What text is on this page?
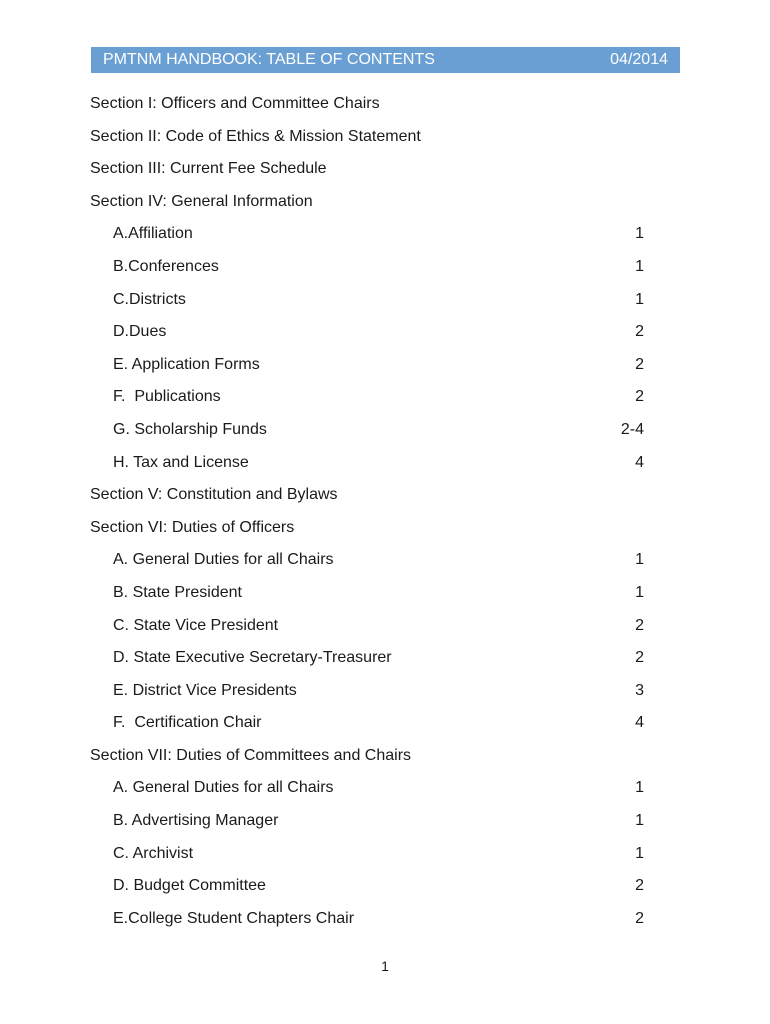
PMTNM HANDBOOK: TABLE OF CONTENTS	04/2014
Section I: Officers and Committee Chairs
Section II: Code of Ethics & Mission Statement
Section III: Current Fee Schedule
Section IV: General Information
A.Affiliation	1
B.Conferences	1
C.Districts	1
D.Dues	2
E. Application Forms	2
F.  Publications	2
G. Scholarship Funds	2-4
H. Tax and License	4
Section V: Constitution and Bylaws
Section VI: Duties of Officers
A. General Duties for all Chairs	1
B. State President	1
C. State Vice President	2
D. State Executive Secretary-Treasurer	2
E. District Vice Presidents	3
F.  Certification Chair	4
Section VII: Duties of Committees and Chairs
A. General Duties for all Chairs	1
B. Advertising Manager	1
C. Archivist	1
D. Budget Committee	2
E.College Student Chapters Chair	2
1
